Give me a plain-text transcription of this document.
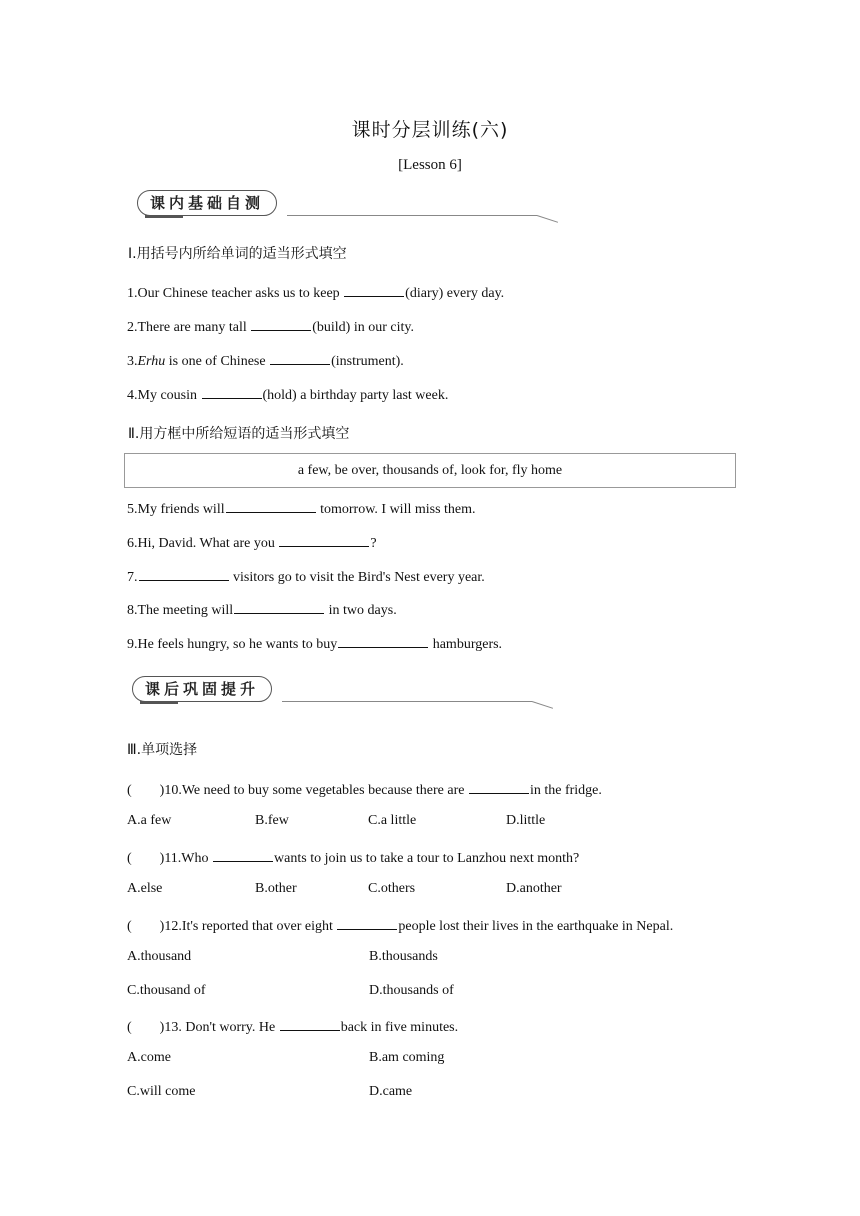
课时分层训练(六)
[Lesson 6]
课内基础自测
Ⅰ.用括号内所给单词的适当形式填空
1.Our Chinese teacher asks us to keep	(diary) every day.
2.There are many tall	(build) in our city.
3.Erhu is one of Chinese	(instrument).
4.My cousin	(hold) a birthday party last week.
Ⅱ.用方框中所给短语的适当形式填空
a few, be over, thousands of, look for, fly home
5.My friends will	tomorrow. I will miss them.
6.Hi, David. What are you	?
7.	visitors go to visit the Bird's Nest every year.
8.The meeting will	in two days.
9.He feels hungry, so he wants to buy	hamburgers.
课后巩固提升
Ⅲ.单项选择
(        )10.We need to buy some vegetables because there are	in the fridge.
A.a few	B.few	C.a little	D.little
(        )11.Who	wants to join us to take a tour to Lanzhou next month?
A.else	B.other	C.others	D.another
(        )12.It's reported that over eight	people lost their lives in the earthquake in Nepal.
A.thousand	B.thousands
C.thousand of	D.thousands of
(        )13. Don't worry. He	back in five minutes.
A.come	B.am coming
C.will come	D.came
